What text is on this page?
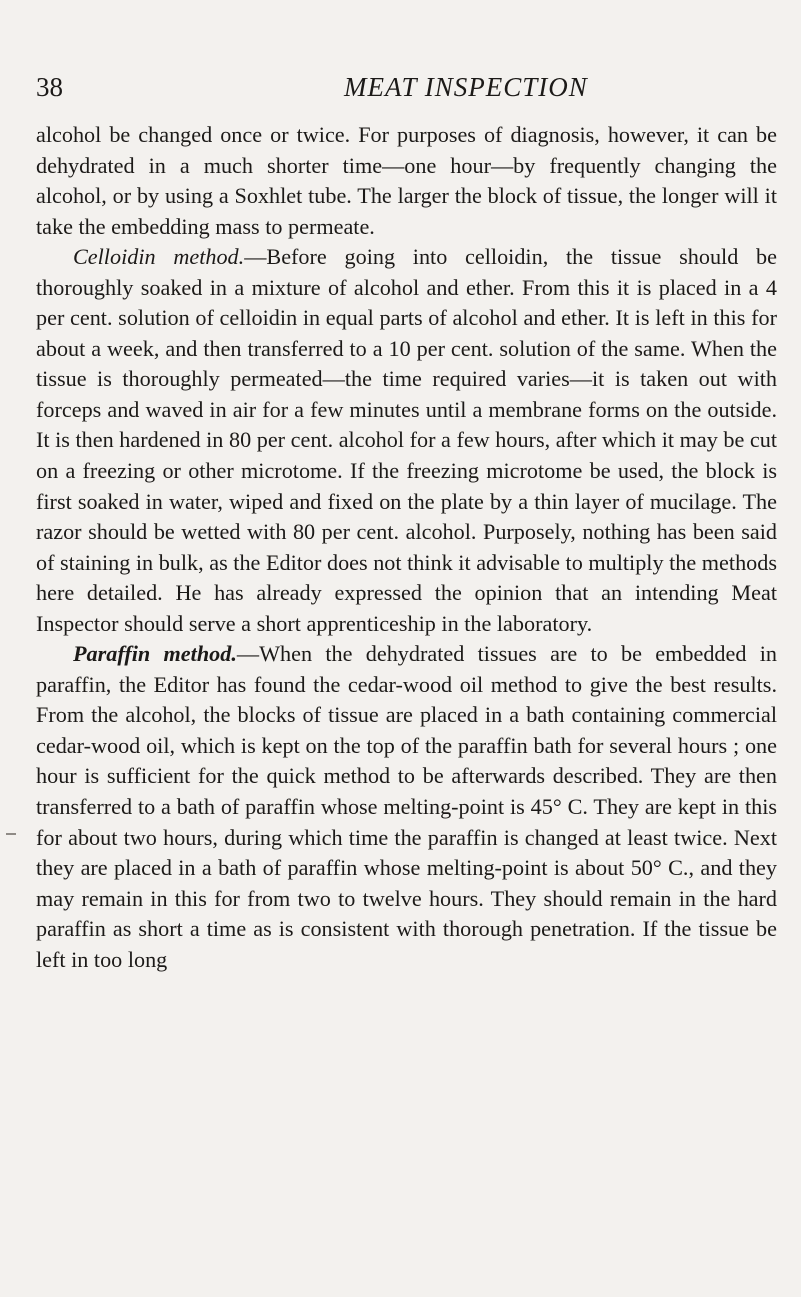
38	MEAT INSPECTION

alcohol be changed once or twice. For purposes of diagnosis, however, it can be dehydrated in a much shorter time—one hour—by frequently changing the alcohol, or by using a Soxhlet tube. The larger the block of tissue, the longer will it take the embedding mass to permeate.

Celloidin method.—Before going into celloidin, the tissue should be thoroughly soaked in a mixture of alcohol and ether. From this it is placed in a 4 per cent. solution of celloidin in equal parts of alcohol and ether. It is left in this for about a week, and then transferred to a 10 per cent. solution of the same. When the tissue is thoroughly permeated—the time required varies—it is taken out with forceps and waved in air for a few minutes until a membrane forms on the outside. It is then hardened in 80 per cent. alcohol for a few hours, after which it may be cut on a freezing or other microtome. If the freezing microtome be used, the block is first soaked in water, wiped and fixed on the plate by a thin layer of mucilage. The razor should be wetted with 80 per cent. alcohol. Purposely, nothing has been said of staining in bulk, as the Editor does not think it advisable to multiply the methods here detailed. He has already expressed the opinion that an intending Meat Inspector should serve a short apprenticeship in the laboratory.

Paraffin method.—When the dehydrated tissues are to be embedded in paraffin, the Editor has found the cedar-wood oil method to give the best results. From the alcohol, the blocks of tissue are placed in a bath containing commercial cedar-wood oil, which is kept on the top of the paraffin bath for several hours ; one hour is sufficient for the quick method to be afterwards described. They are then transferred to a bath of paraffin whose melting-point is 45° C. They are kept in this for about two hours, during which time the paraffin is changed at least twice. Next they are placed in a bath of paraffin whose melting-point is about 50° C., and they may remain in this for from two to twelve hours. They should remain in the hard paraffin as short a time as is consistent with thorough penetration. If the tissue be left in too long
